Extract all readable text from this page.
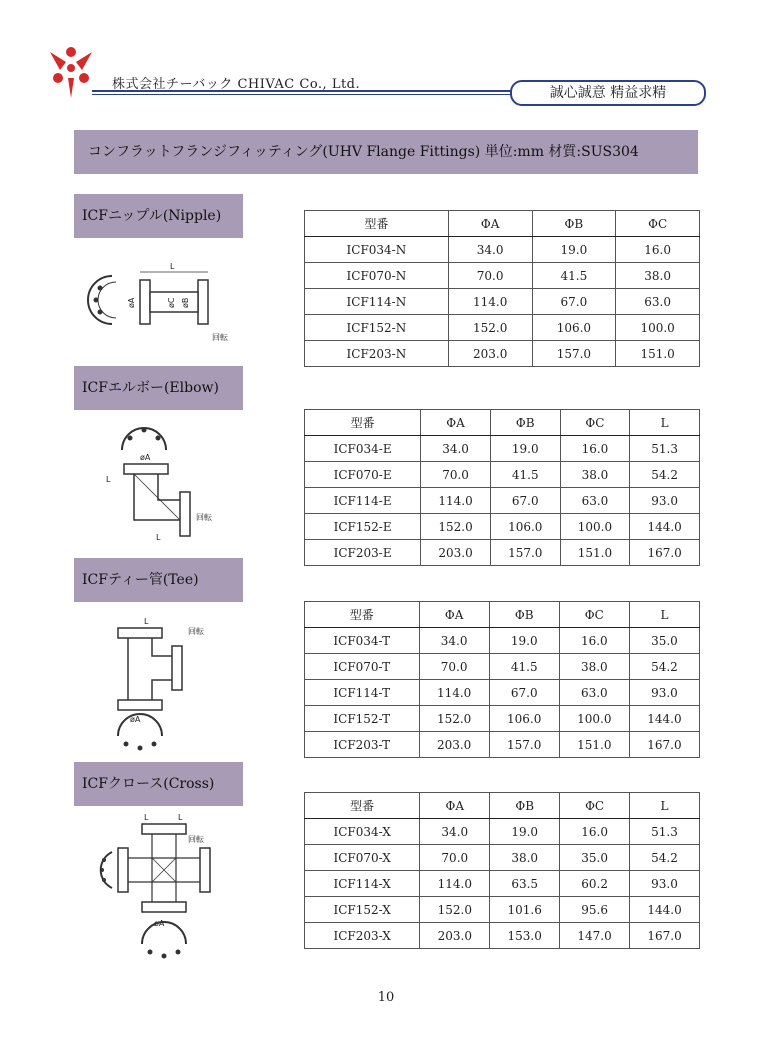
株式会社チーバック CHIVAC Co., Ltd.
誠心誠意 精益求精
コンフラットフランジフィッティング(UHV Flange Fittings) 単位:mm 材質:SUS304
ICFニップル(Nipple)
ICFエルボー(Elbow)
ICFティー管(Tee)
ICFクロース(Cross)
型番	ΦA	ΦB	ΦC
ICF034-N	34.0	19.0	16.0
ICF070-N	70.0	41.5	38.0
ICF114-N	114.0	67.0	63.0
ICF152-N	152.0	106.0	100.0
ICF203-N	203.0	157.0	151.0
型番	ΦA	ΦB	ΦC	L
ICF034-E	34.0	19.0	16.0	51.3
ICF070-E	70.0	41.5	38.0	54.2
ICF114-E	114.0	67.0	63.0	93.0
ICF152-E	152.0	106.0	100.0	144.0
ICF203-E	203.0	157.0	151.0	167.0
型番	ΦA	ΦB	ΦC	L
ICF034-T	34.0	19.0	16.0	35.0
ICF070-T	70.0	41.5	38.0	54.2
ICF114-T	114.0	67.0	63.0	93.0
ICF152-T	152.0	106.0	100.0	144.0
ICF203-T	203.0	157.0	151.0	167.0
型番	ΦA	ΦB	ΦC	L
ICF034-X	34.0	19.0	16.0	51.3
ICF070-X	70.0	38.0	35.0	54.2
ICF114-X	114.0	63.5	60.2	93.0
ICF152-X	152.0	101.6	95.6	144.0
ICF203-X	203.0	153.0	147.0	167.0
L
øA	øC øB
回転
øA
L
L
回転
L
øA
回転
L	L
øA
回転
10
